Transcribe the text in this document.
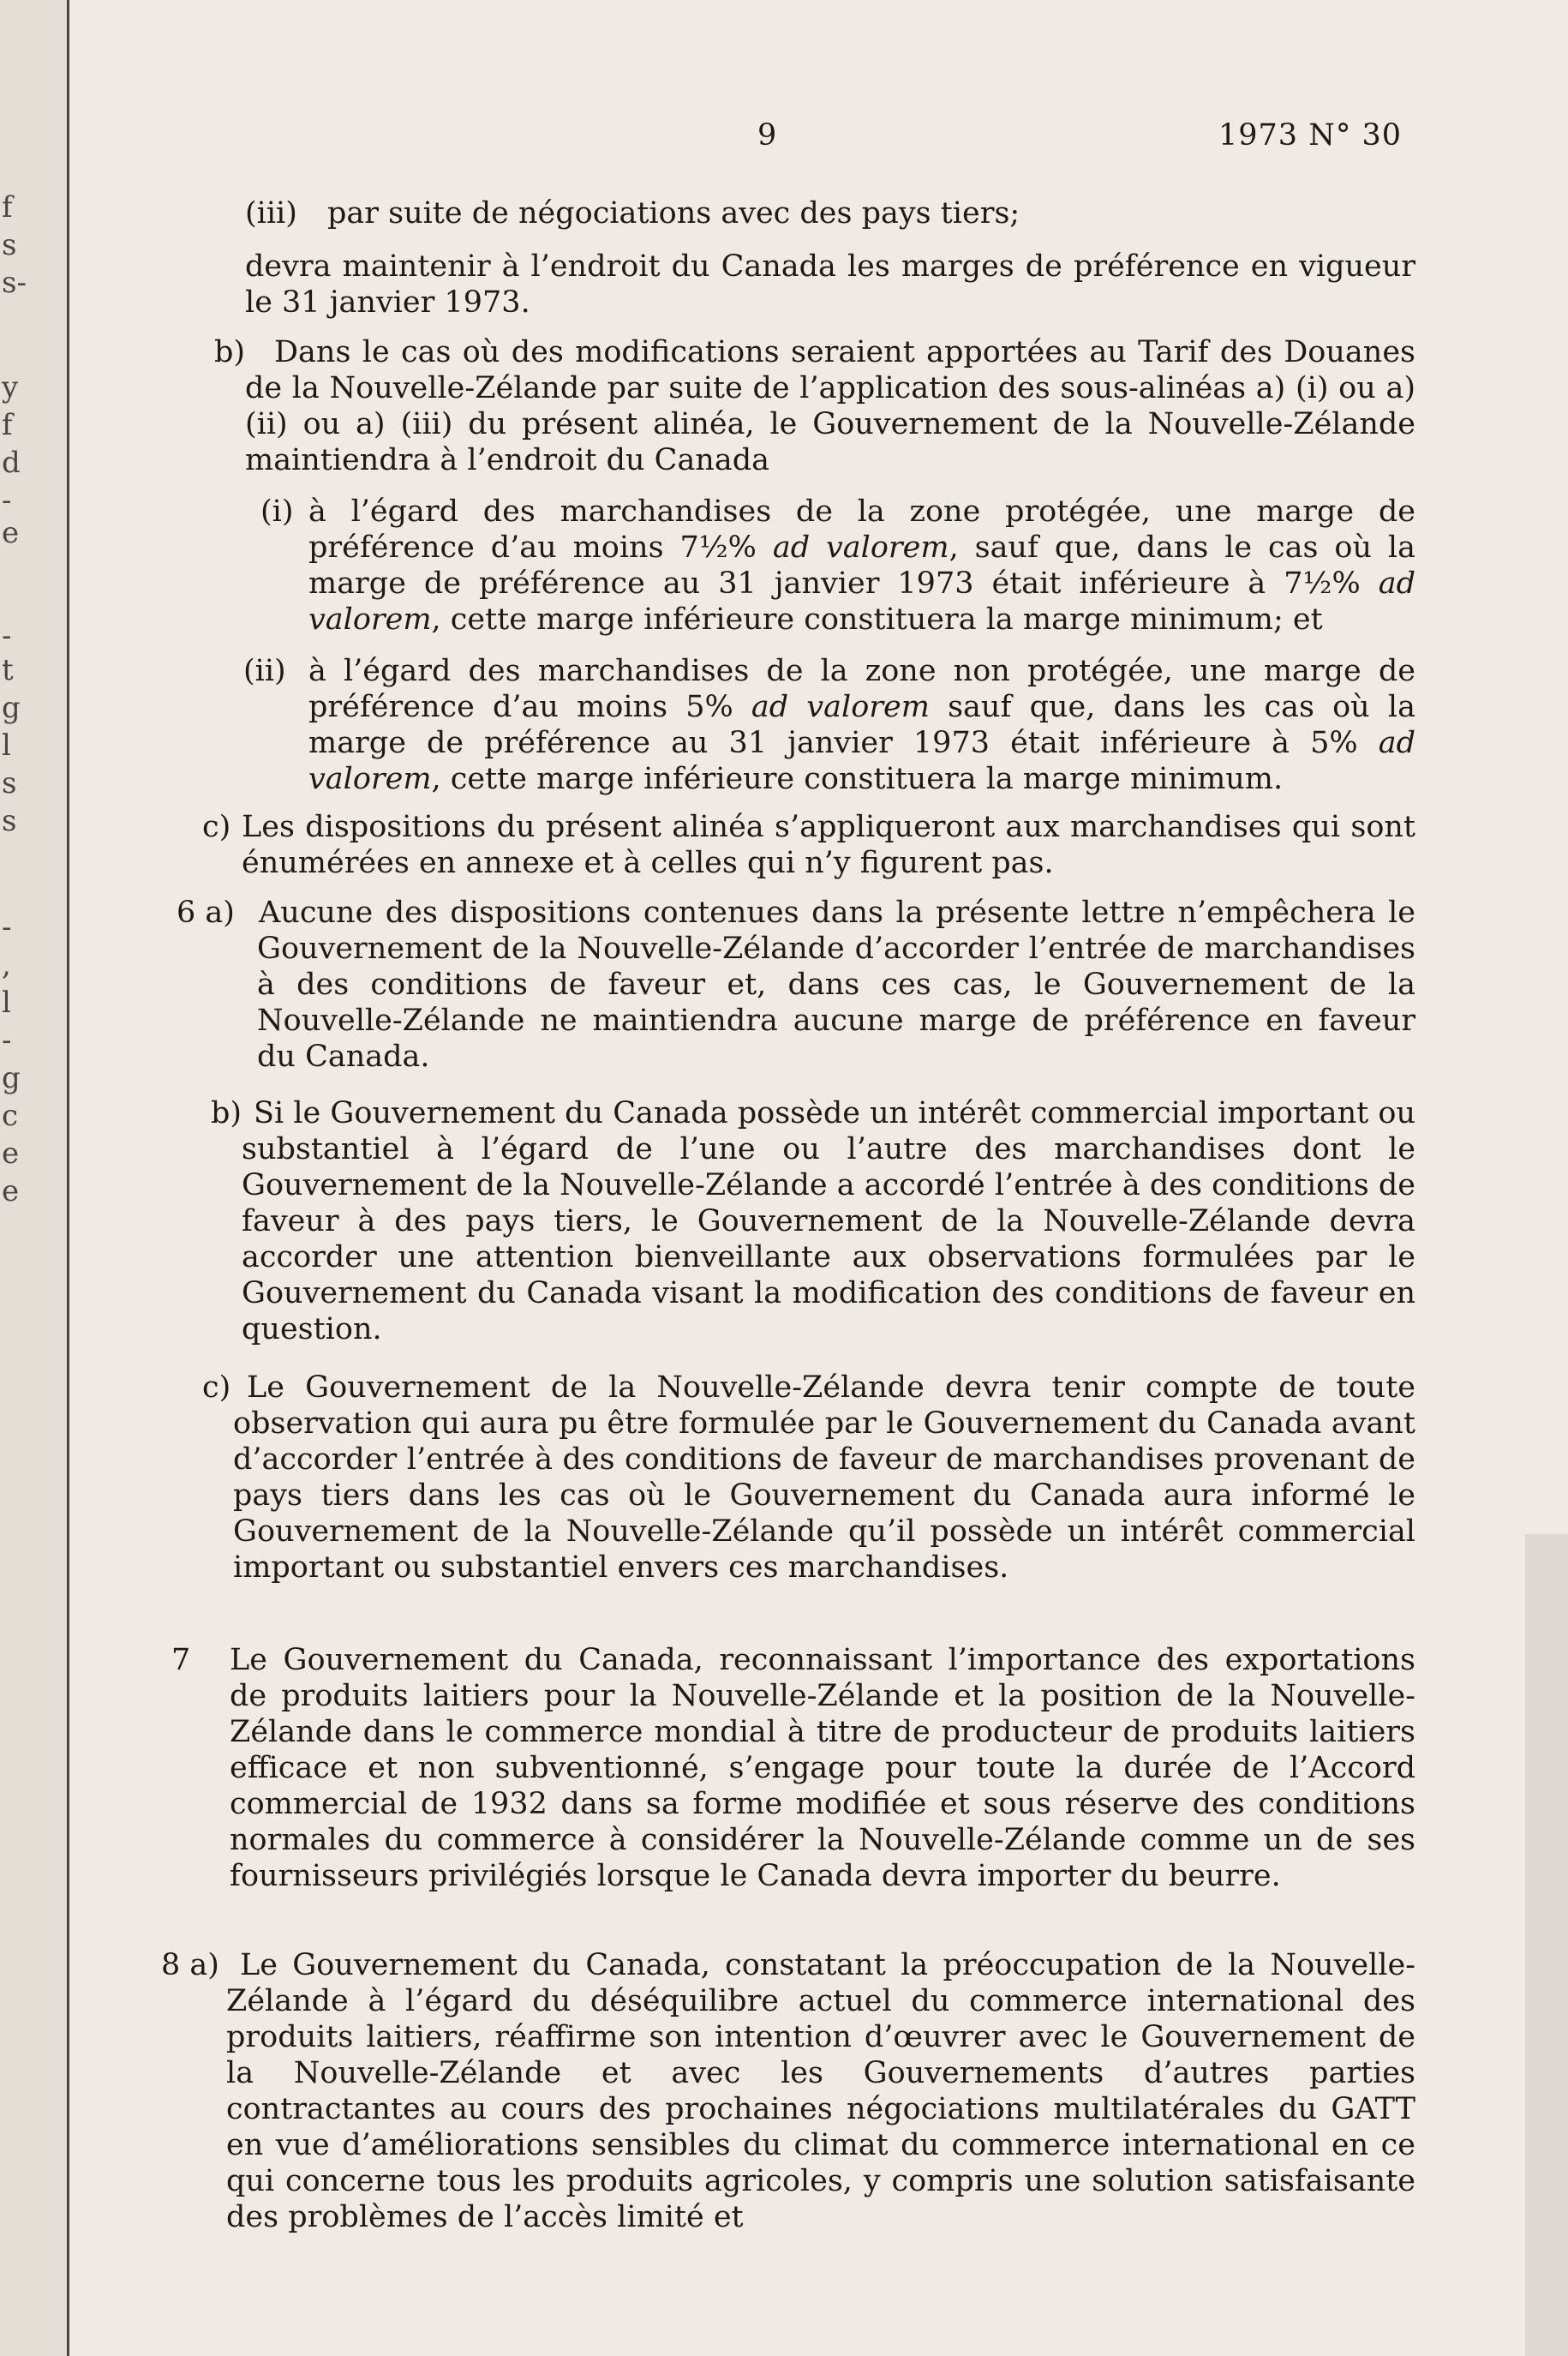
f
s
s-
y
f
d
-
e
-
t
g
l
s
s
-
,
l
-
g
c
e
e
9	1973 N° 30
(iii)	par suite de négociations avec des pays tiers;

devra maintenir à l’endroit du Canada les marges de préférence en vigueur le 31 janvier 1973.

b) Dans le cas où des modifications seraient apportées au Tarif des Douanes de la Nouvelle-Zélande par suite de l’application des sous-alinéas a) (i) ou a) (ii) ou a) (iii) du présent alinéa, le Gouvernement de la Nouvelle-Zélande maintiendra à l’endroit du Canada

(i) à l’égard des marchandises de la zone protégée, une marge de préférence d’au moins 7½% ad valorem, sauf que, dans le cas où la marge de préférence au 31 janvier 1973 était inférieure à 7½% ad valorem, cette marge inférieure constituera la marge minimum; et

(ii) à l’égard des marchandises de la zone non protégée, une marge de préférence d’au moins 5% ad valorem sauf que, dans les cas où la marge de préférence au 31 janvier 1973 était inférieure à 5% ad valorem, cette marge inférieure constituera la marge minimum.

c) Les dispositions du présent alinéa s’appliqueront aux marchandises qui sont énumérées en annexe et à celles qui n’y figurent pas.

6 a) Aucune des dispositions contenues dans la présente lettre n’empêchera le Gouvernement de la Nouvelle-Zélande d’accorder l’entrée de marchandises à des conditions de faveur et, dans ces cas, le Gouvernement de la Nouvelle-Zélande ne maintiendra aucune marge de préférence en faveur du Canada.

b) Si le Gouvernement du Canada possède un intérêt commercial important ou substantiel à l’égard de l’une ou l’autre des marchandises dont le Gouvernement de la Nouvelle-Zélande a accordé l’entrée à des conditions de faveur à des pays tiers, le Gouvernement de la Nouvelle-Zélande devra accorder une attention bienveillante aux observations formulées par le Gouvernement du Canada visant la modification des conditions de faveur en question.

c) Le Gouvernement de la Nouvelle-Zélande devra tenir compte de toute observation qui aura pu être formulée par le Gouvernement du Canada avant d’accorder l’entrée à des conditions de faveur de marchandises provenant de pays tiers dans les cas où le Gouvernement du Canada aura informé le Gouvernement de la Nouvelle-Zélande qu’il possède un intérêt commercial important ou substantiel envers ces marchandises.

7 Le Gouvernement du Canada, reconnaissant l’importance des exportations de produits laitiers pour la Nouvelle-Zélande et la position de la Nouvelle-Zélande dans le commerce mondial à titre de producteur de produits laitiers efficace et non subventionné, s’engage pour toute la durée de l’Accord commercial de 1932 dans sa forme modifiée et sous réserve des conditions normales du commerce à considérer la Nouvelle-Zélande comme un de ses fournisseurs privilégiés lorsque le Canada devra importer du beurre.

8 a) Le Gouvernement du Canada, constatant la préoccupation de la Nouvelle-Zélande à l’égard du déséquilibre actuel du commerce international des produits laitiers, réaffirme son intention d’œuvrer avec le Gouvernement de la Nouvelle-Zélande et avec les Gouvernements d’autres parties contractantes au cours des prochaines négociations multilatérales du GATT en vue d’améliorations sensibles du climat du commerce international en ce qui concerne tous les produits agricoles, y compris une solution satisfaisante des problèmes de l’accès limité et
